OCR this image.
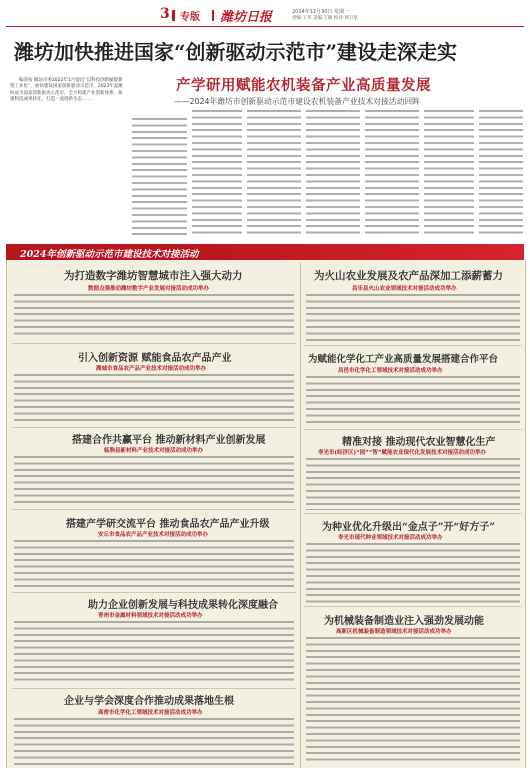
3 专版 潍坊日报	2024年12月30日 星期一
责编:王华 美编:王敏 校对:周卫星
潍坊加快推进国家“创新驱动示范市”建设走深走实

编者按 潍坊市委2022年1月提出“以科技创新赋能新型工业化”，加快建设国家创新驱动示范市，2023年起潍坊成为国家创新驱动示范市，全力构建产业创新体系，加速科技成果转化，打造一流创新生态……

产学研用赋能农机装备产业高质量发展
——2024年潍坊市创新驱动示范市建设农机装备产业技术对接活动回眸
2024年创新驱动示范市建设技术对接活动
为打造数字潍坊智慧城市注入强大动力
数据点强推动潍坊数字产业发展对接活动成功举办
引入创新资源 赋能食品农产品产业
潍城市食品农产品产业技术对接活动成功举办
搭建合作共赢平台 推动新材料产业创新发展
临朐县新材料产业技术对接活动成功举办
搭建产学研交流平台 推动食品农产品产业升级
安丘市食品农产品产业技术对接活动成功举办
助力企业创新发展与科技成果转化深度融合
青州市金属材料领域技术对接活动成功举办
企业与学会深度合作推动成果落地生根
高密市化学化工领域技术对接活动成功举办
为火山农业发展及农产品深加工添薪蓄力
昌乐县火山农业领域技术对接活动成功举办
为赋能化学化工产业高质量发展搭建合作平台
昌邑市化学化工领域技术对接活动成功举办
精准对接 推动现代农业智慧化生产
寿光市(经济区)“园”“智”赋能农业现代化发展技术对接活动成功举办
为种业优化升级出“金点子”开“好方子”
寿光市现代种业领域技术对接活动成功举办
为机械装备制造业注入强劲发展动能
高新区机械装备制造领域技术对接活动成功举办
